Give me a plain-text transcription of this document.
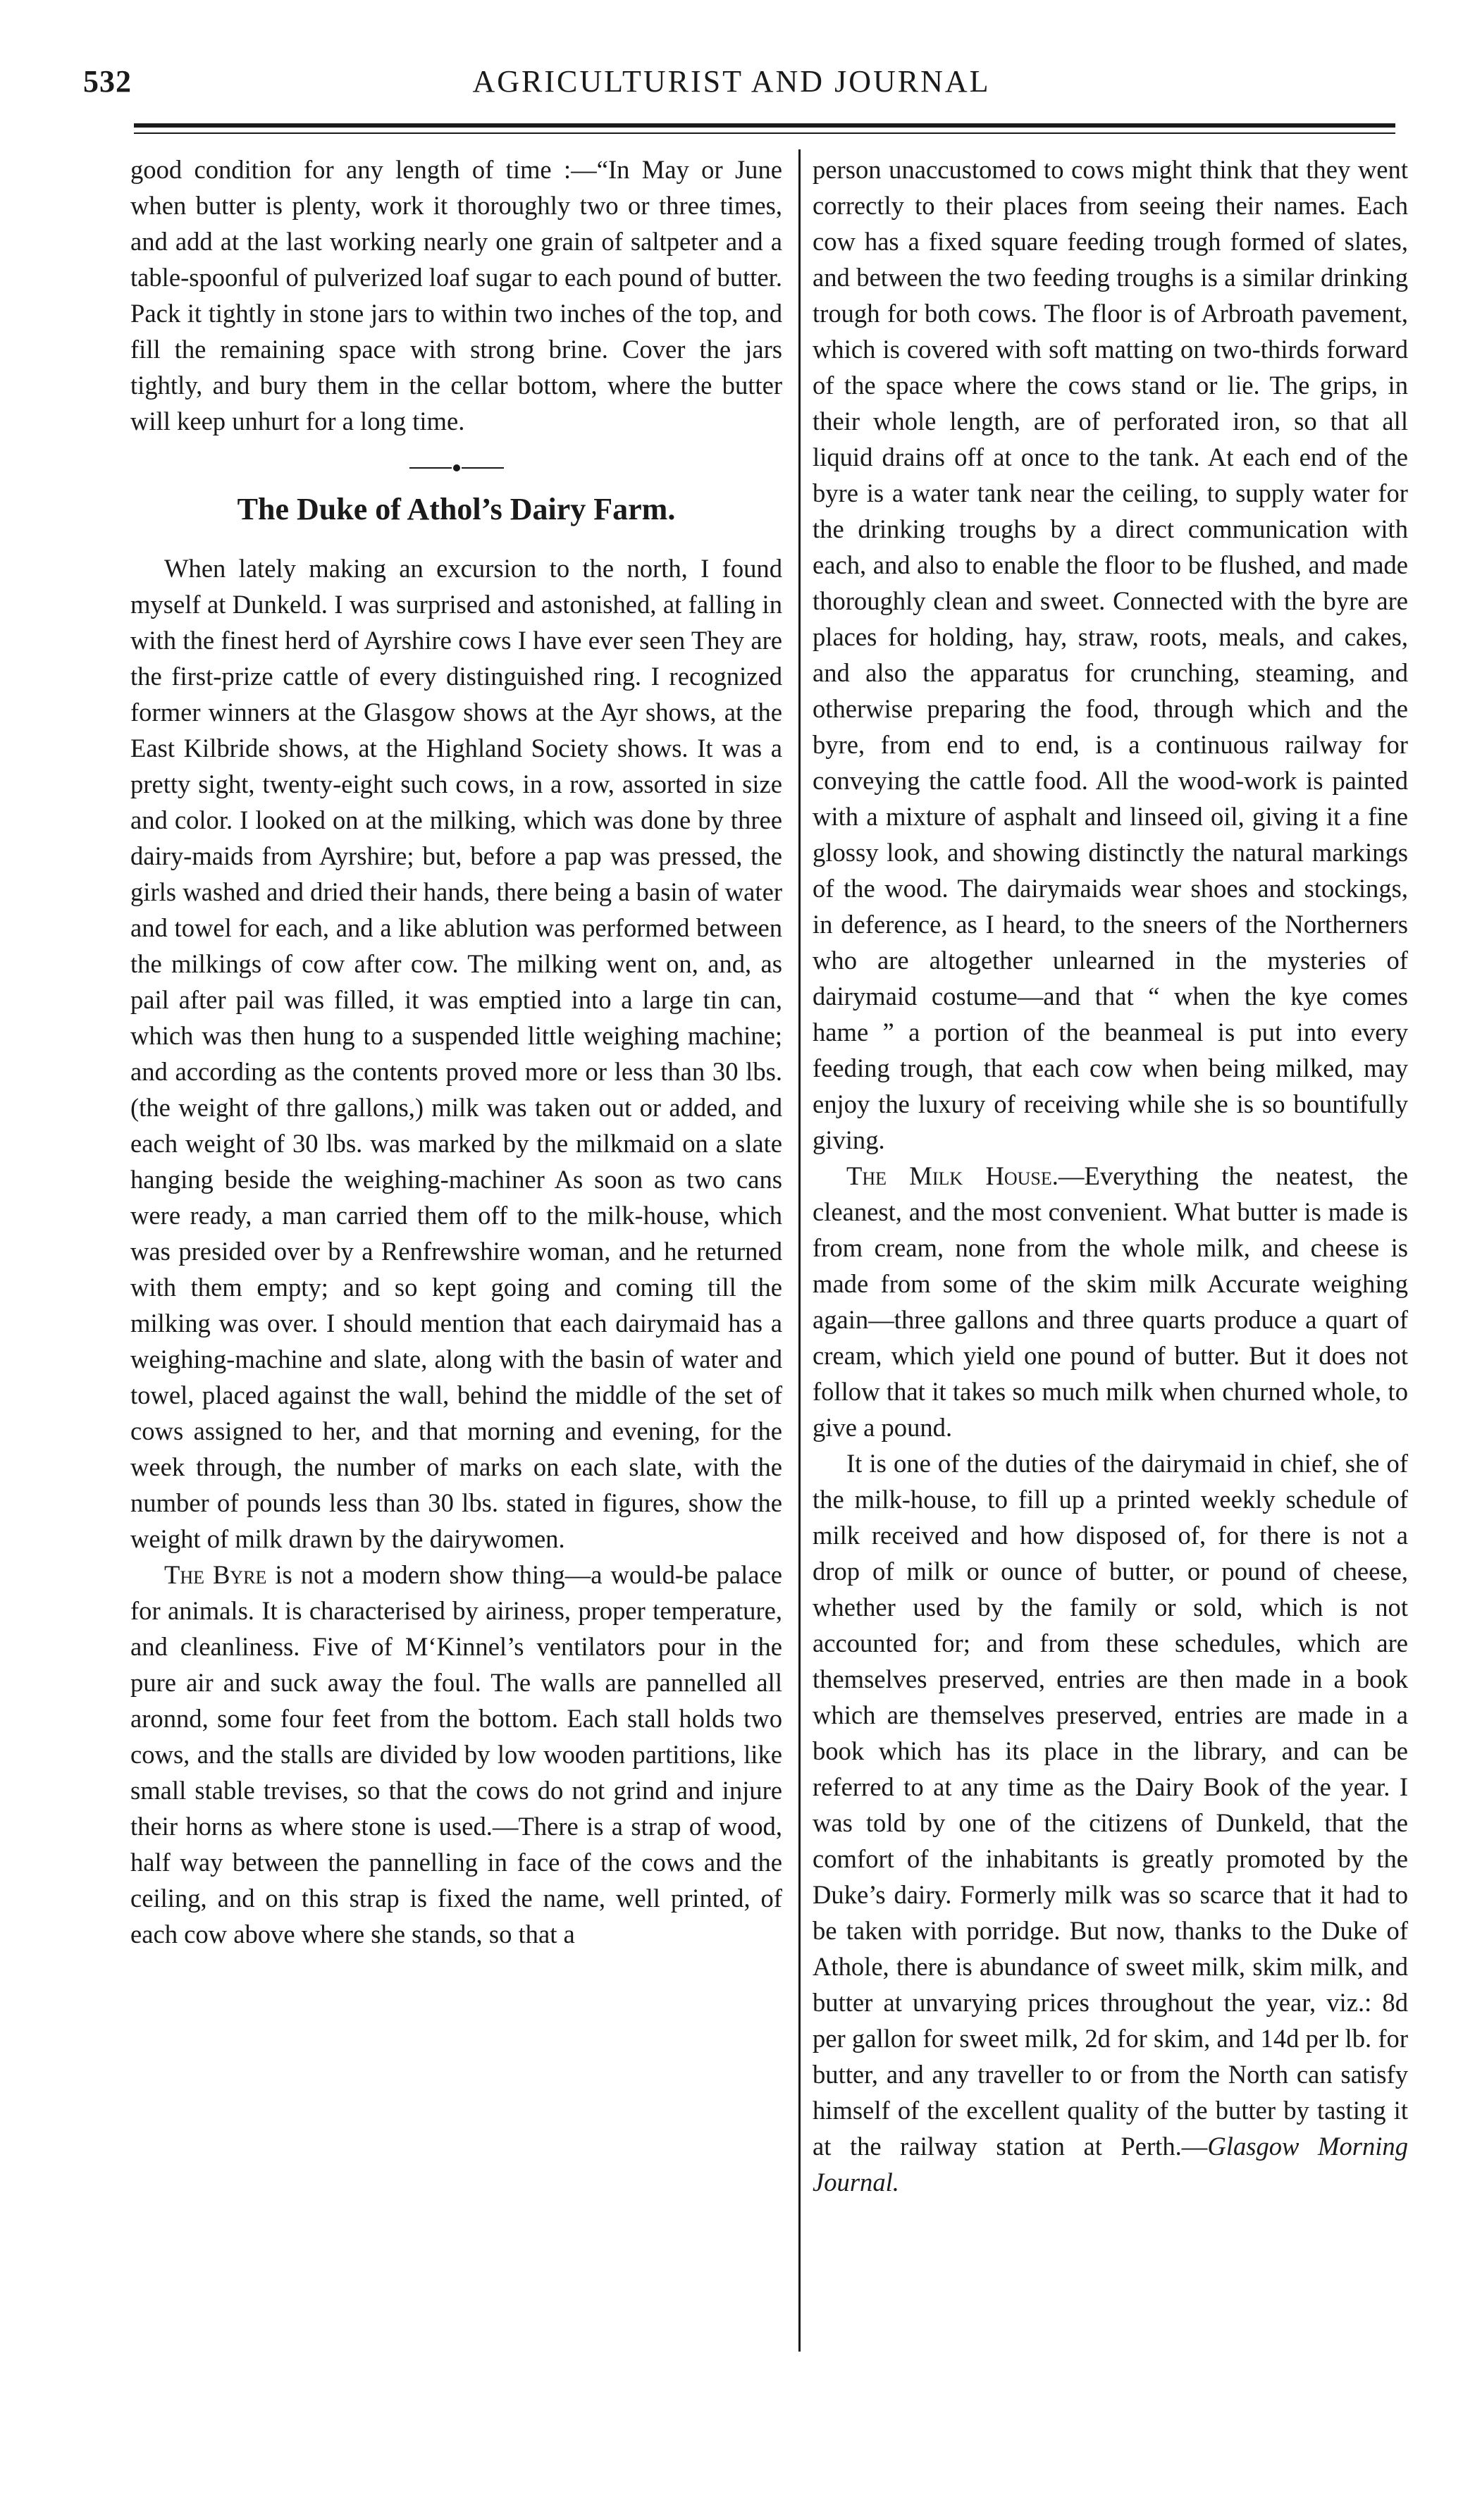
532	AGRICULTURIST AND JOURNAL

good condition for any length of time :—“In May or June when butter is plenty, work it thoroughly two or three times, and add at the last working nearly one grain of saltpeter and a table-spoonful of pulverized loaf sugar to each pound of butter. Pack it tightly in stone jars to within two inches of the top, and fill the remaining space with strong brine. Cover the jars tightly, and bury them in the cellar bottom, where the butter will keep unhurt for a long time.

The Duke of Athol’s Dairy Farm.

When lately making an excursion to the north, I found myself at Dunkeld. I was surprised and astonished, at falling in with the finest herd of Ayrshire cows I have ever seen They are the first-prize cattle of every distinguished ring. I recognized former winners at the Glasgow shows at the Ayr shows, at the East Kilbride shows, at the Highland Society shows. It was a pretty sight, twenty-eight such cows, in a row, assorted in size and color. I looked on at the milking, which was done by three dairy-maids from Ayrshire; but, before a pap was pressed, the girls washed and dried their hands, there being a basin of water and towel for each, and a like ablution was performed between the milkings of cow after cow. The milking went on, and, as pail after pail was filled, it was emptied into a large tin can, which was then hung to a suspended little weighing machine; and according as the contents proved more or less than 30 lbs. (the weight of thre gallons,) milk was taken out or added, and each weight of 30 lbs. was marked by the milkmaid on a slate hanging beside the weighing-machiner As soon as two cans were ready, a man carried them off to the milk-house, which was presided over by a Renfrewshire woman, and he returned with them empty; and so kept going and coming till the milking was over. I should mention that each dairymaid has a weighing-machine and slate, along with the basin of water and towel, placed against the wall, behind the middle of the set of cows assigned to her, and that morning and evening, for the week through, the number of marks on each slate, with the number of pounds less than 30 lbs. stated in figures, show the weight of milk drawn by the dairywomen.

The Byre is not a modern show thing—a would-be palace for animals. It is characterised by airiness, proper temperature, and cleanliness. Five of M‘Kinnel’s ventilators pour in the pure air and suck away the foul. The walls are pannelled all aronnd, some four feet from the bottom. Each stall holds two cows, and the stalls are divided by low wooden partitions, like small stable trevises, so that the cows do not grind and injure their horns as where stone is used.—There is a strap of wood, half way between the pannelling in face of the cows and the ceiling, and on this strap is fixed the name, well printed, of each cow above where she stands, so that a

person unaccustomed to cows might think that they went correctly to their places from seeing their names. Each cow has a fixed square feeding trough formed of slates, and between the two feeding troughs is a similar drinking trough for both cows. The floor is of Arbroath pavement, which is covered with soft matting on two-thirds forward of the space where the cows stand or lie. The grips, in their whole length, are of perforated iron, so that all liquid drains off at once to the tank. At each end of the byre is a water tank near the ceiling, to supply water for the drinking troughs by a direct communication with each, and also to enable the floor to be flushed, and made thoroughly clean and sweet. Connected with the byre are places for holding, hay, straw, roots, meals, and cakes, and also the apparatus for crunching, steaming, and otherwise preparing the food, through which and the byre, from end to end, is a continuous railway for conveying the cattle food. All the wood-work is painted with a mixture of asphalt and linseed oil, giving it a fine glossy look, and showing distinctly the natural markings of the wood. The dairymaids wear shoes and stockings, in deference, as I heard, to the sneers of the Northerners who are altogether unlearned in the mysteries of dairymaid costume—and that “ when the kye comes hame ” a portion of the beanmeal is put into every feeding trough, that each cow when being milked, may enjoy the luxury of receiving while she is so bountifully giving.

The Milk House.—Everything the neatest, the cleanest, and the most convenient. What butter is made is from cream, none from the whole milk, and cheese is made from some of the skim milk Accurate weighing again—three gallons and three quarts produce a quart of cream, which yield one pound of butter. But it does not follow that it takes so much milk when churned whole, to give a pound.

It is one of the duties of the dairymaid in chief, she of the milk-house, to fill up a printed weekly schedule of milk received and how disposed of, for there is not a drop of milk or ounce of butter, or pound of cheese, whether used by the family or sold, which is not accounted for; and from these schedules, which are themselves preserved, entries are then made in a book which are themselves preserved, entries are made in a book which has its place in the library, and can be referred to at any time as the Dairy Book of the year. I was told by one of the citizens of Dunkeld, that the comfort of the inhabitants is greatly promoted by the Duke’s dairy. Formerly milk was so scarce that it had to be taken with porridge. But now, thanks to the Duke of Athole, there is abundance of sweet milk, skim milk, and butter at unvarying prices throughout the year, viz.: 8d per gallon for sweet milk, 2d for skim, and 14d per lb. for butter, and any traveller to or from the North can satisfy himself of the excellent quality of the butter by tasting it at the railway station at Perth.—Glasgow Morning Journal.
